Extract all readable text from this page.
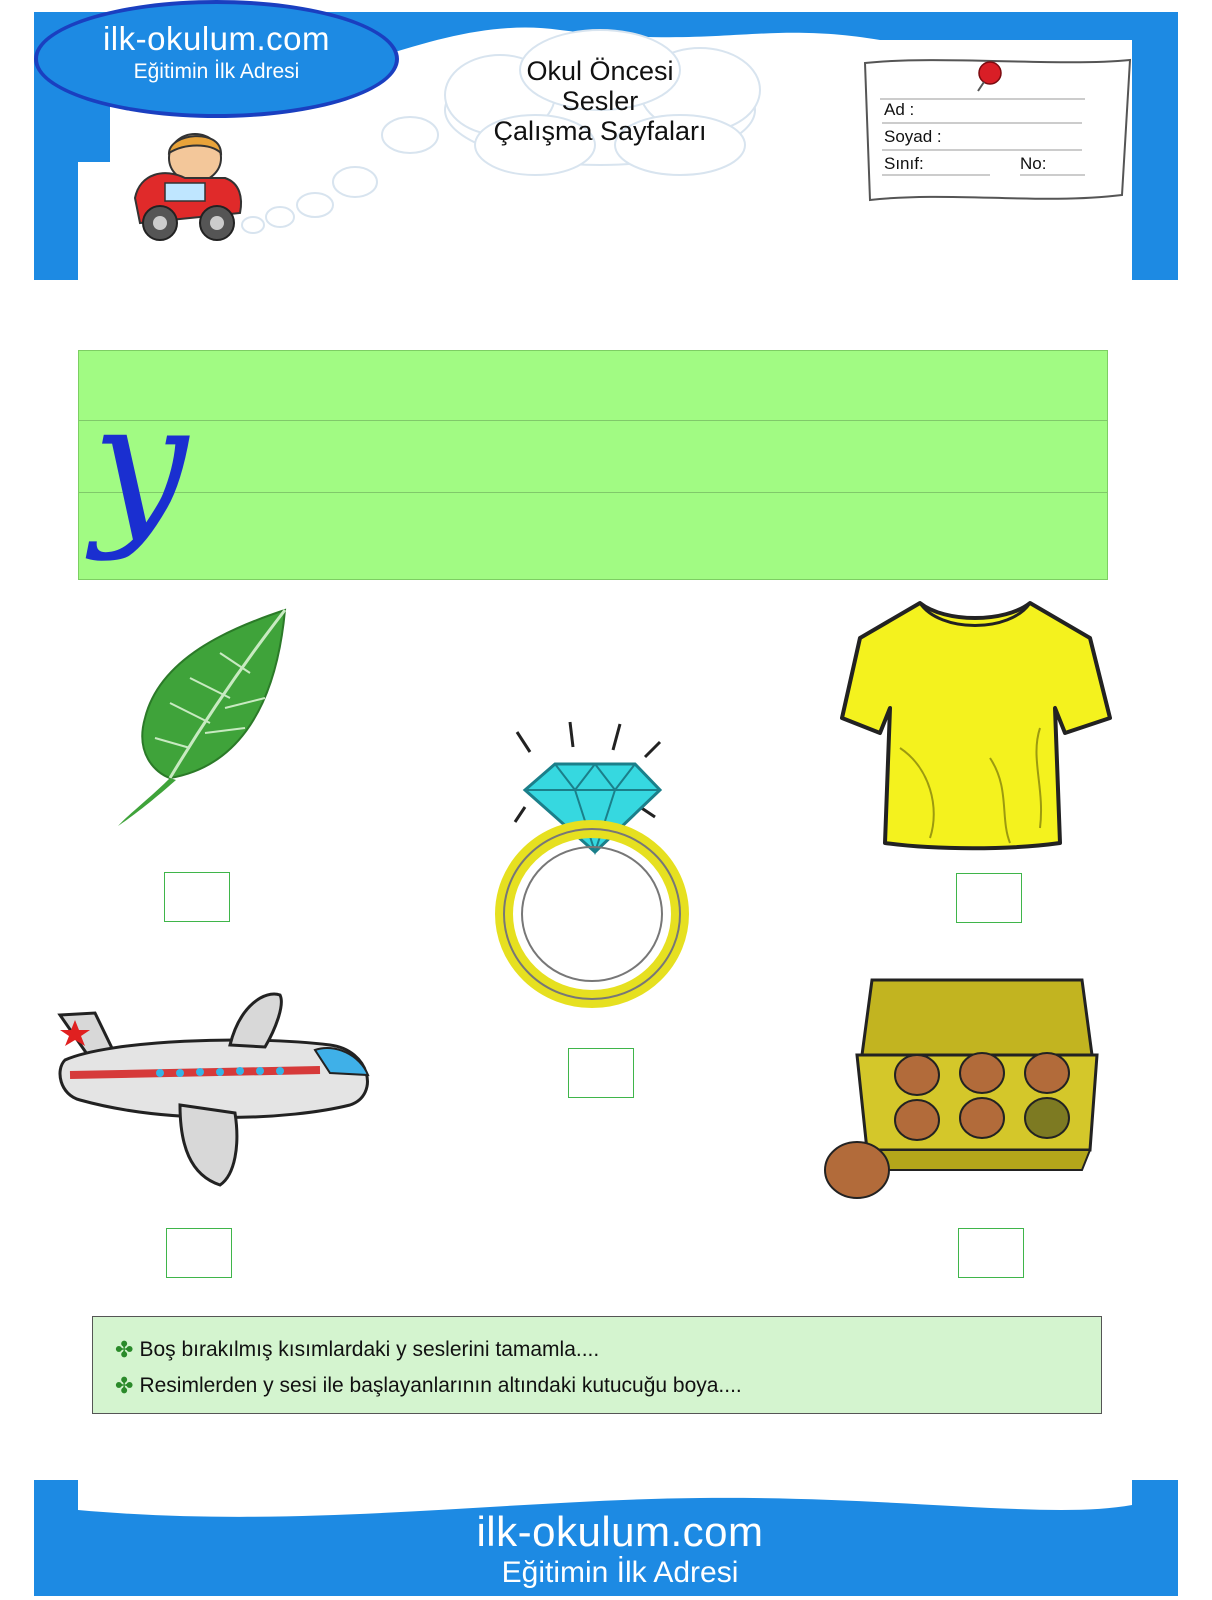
ilk-okulum.com
Eğitimin İlk Adresi	Okul Öncesi
Sesler
Çalışma Sayfaları
Ad :
Soyad :
Sınıf:	No:
y
✤ Boş bırakılmış kısımlardaki y seslerini tamamla....
✤ Resimlerden y sesi ile başlayanlarının altındaki kutucuğu boya....
ilk-okulum.com
Eğitimin İlk Adresi
